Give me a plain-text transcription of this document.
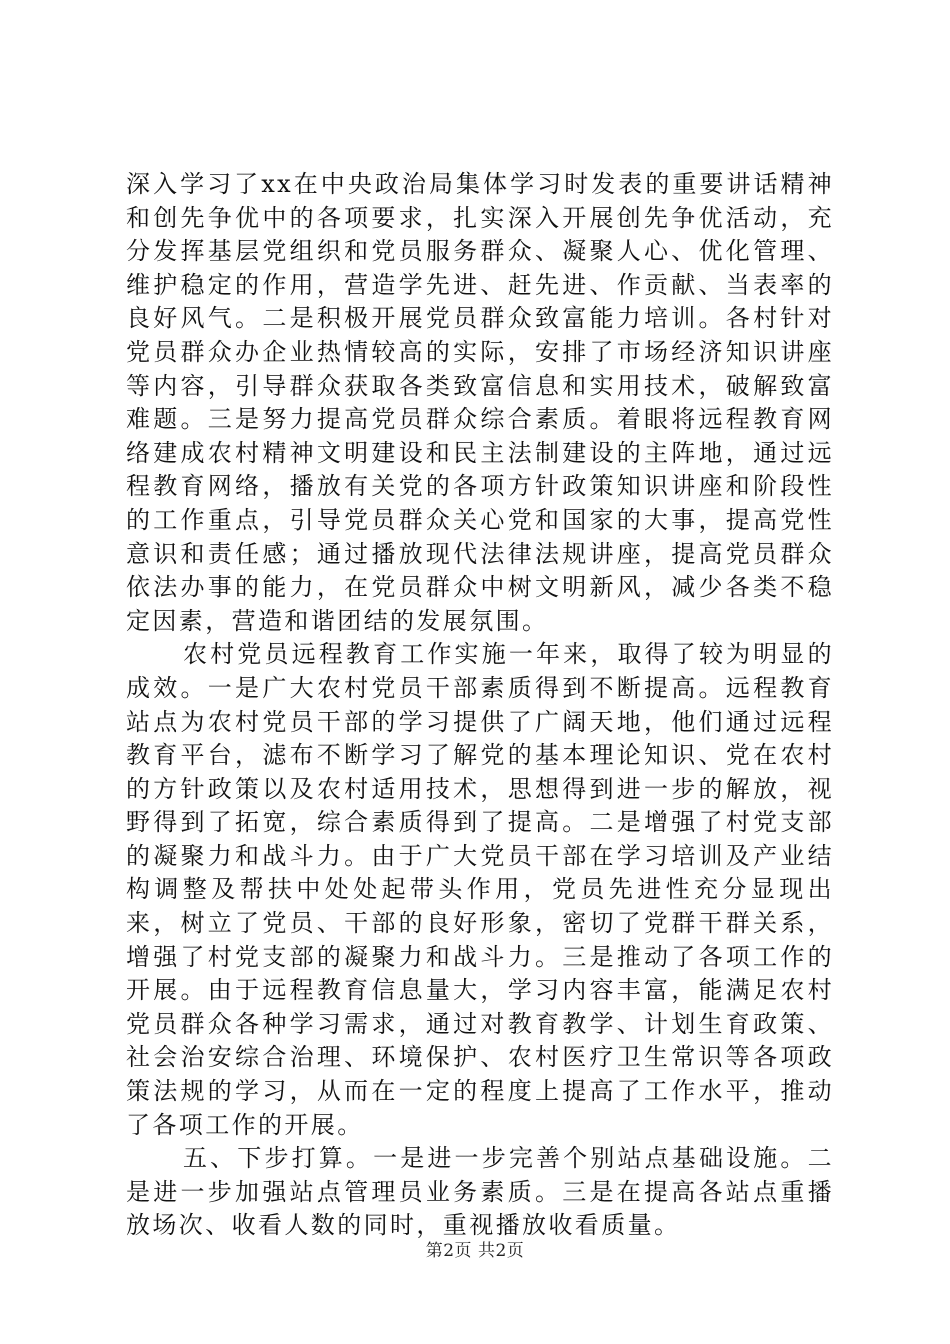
深入学习了xx在中央政治局集体学习时发表的重要讲话精神和创先争优中的各项要求，扎实深入开展创先争优活动，充分发挥基层党组织和党员服务群众、凝聚人心、优化管理、维护稳定的作用，营造学先进、赶先进、作贡献、当表率的良好风气。二是积极开展党员群众致富能力培训。各村针对党员群众办企业热情较高的实际，安排了市场经济知识讲座等内容，引导群众获取各类致富信息和实用技术，破解致富难题。三是努力提高党员群众综合素质。着眼将远程教育网络建成农村精神文明建设和民主法制建设的主阵地，通过远程教育网络，播放有关党的各项方针政策知识讲座和阶段性的工作重点，引导党员群众关心党和国家的大事，提高党性意识和责任感；通过播放现代法律法规讲座，提高党员群众依法办事的能力，在党员群众中树文明新风，减少各类不稳定因素，营造和谐团结的发展氛围。

农村党员远程教育工作实施一年来，取得了较为明显的成效。一是广大农村党员干部素质得到不断提高。远程教育站点为农村党员干部的学习提供了广阔天地，他们通过远程教育平台，滤布不断学习了解党的基本理论知识、党在农村的方针政策以及农村适用技术，思想得到进一步的解放，视野得到了拓宽，综合素质得到了提高。二是增强了村党支部的凝聚力和战斗力。由于广大党员干部在学习培训及产业结构调整及帮扶中处处起带头作用，党员先进性充分显现出来，树立了党员、干部的良好形象，密切了党群干群关系，增强了村党支部的凝聚力和战斗力。三是推动了各项工作的开展。由于远程教育信息量大，学习内容丰富，能满足农村党员群众各种学习需求，通过对教育教学、计划生育政策、社会治安综合治理、环境保护、农村医疗卫生常识等各项政策法规的学习，从而在一定的程度上提高了工作水平，推动了各项工作的开展。

五、下步打算。一是进一步完善个别站点基础设施。二是进一步加强站点管理员业务素质。三是在提高各站点重播放场次、收看人数的同时，重视播放收看质量。

第2页 共2页
